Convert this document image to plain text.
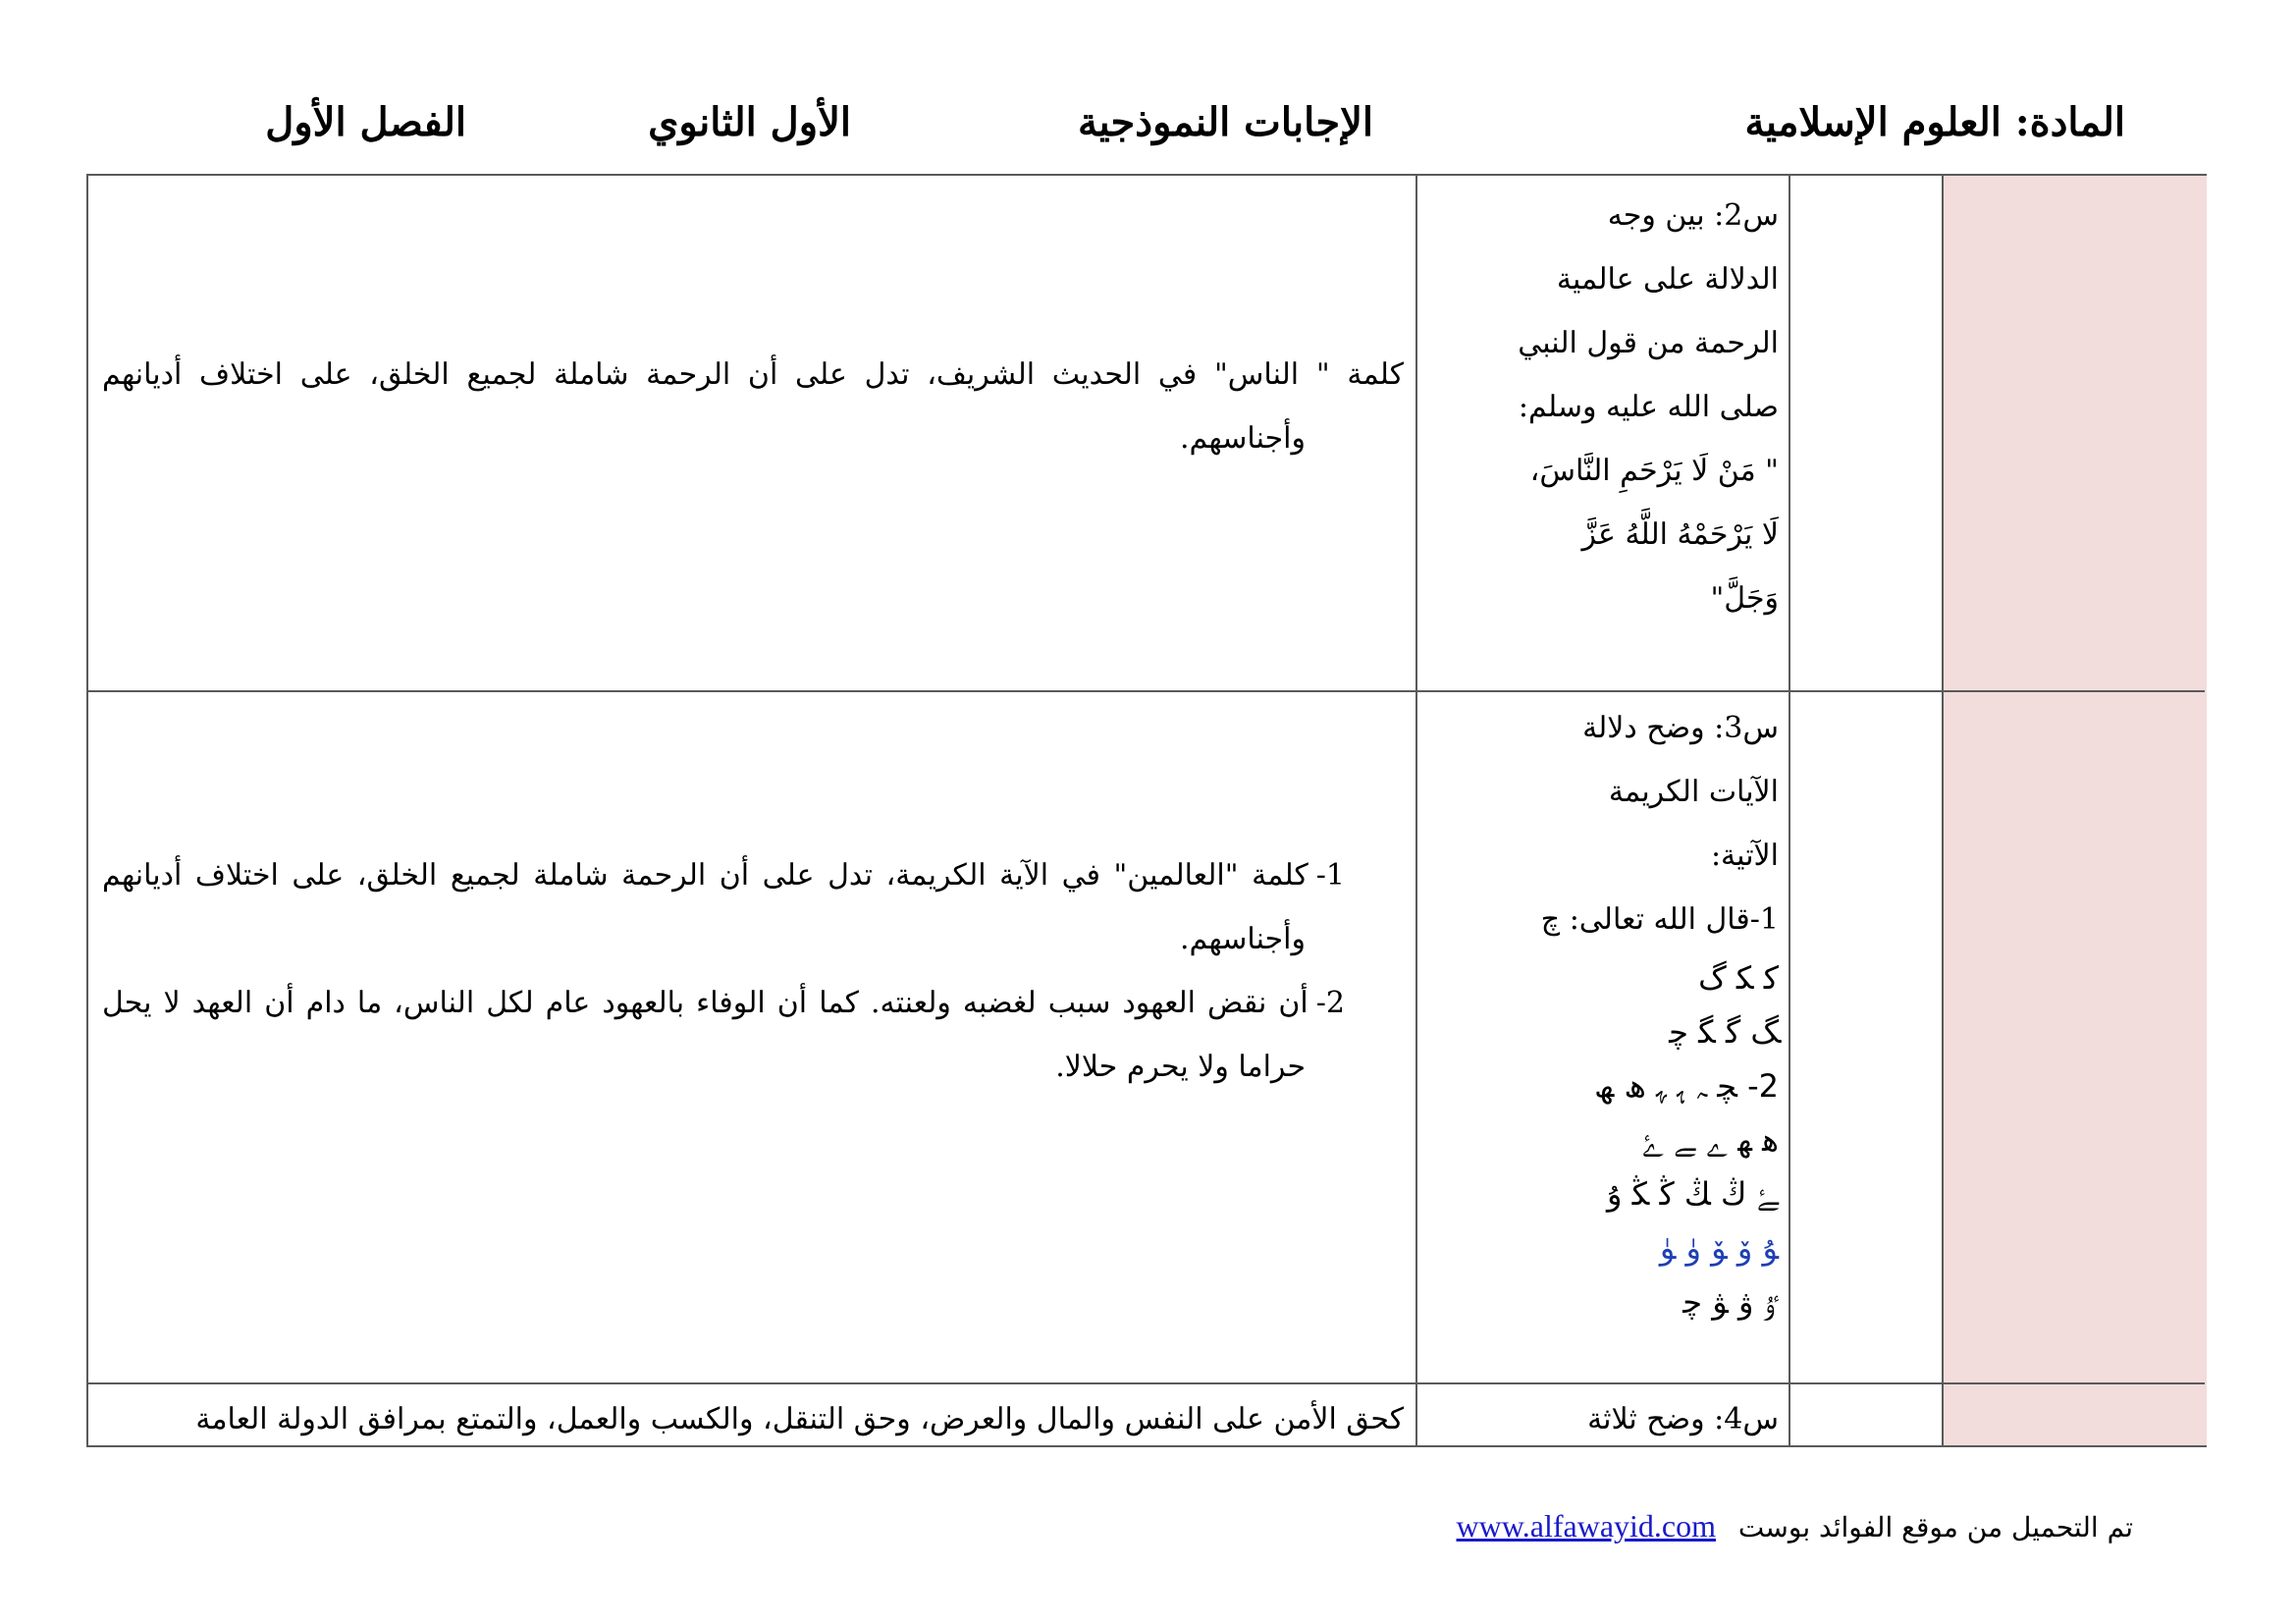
المادة: العلوم الإسلامية
الإجابات النموذجية
الأول الثانوي
الفصل الأول
س2: بين وجه
الدلالة على عالمية
الرحمة من قول النبي
صلى الله عليه وسلم:
" مَنْ لَا يَرْحَمِ النَّاسَ،
لَا يَرْحَمْهُ اللَّهُ عَزَّ
وَجَلَّ"
كلمة " الناس" في الحديث الشريف، تدل على أن الرحمة شاملة لجميع الخلق، على اختلاف أديانهم وأجناسهم.
س3: وضح دلالة
الآيات الكريمة
الآتية:
1-قال الله تعالى: چ
ﮐ ﮑ ﮒ
ﮓ ﮔ ﮕ ﭼ
2- ﭽ ﮧ ﮨ ﮩ ﮪ ﮫ
ﮬ ﮭ ﮮ ﮯ ﮰ
ﮱ ﯓ ﯔ ﯕ ﯖ ﯗ
ﯘ ﯙ ﯚ ﯛ ﯜ
ﯝ ﯞ ﯟ ﭼ
1-كلمة "العالمين" في الآية الكريمة، تدل على أن الرحمة شاملة لجميع الخلق، على اختلاف أديانهم وأجناسهم.
2-أن نقض العهود سبب لغضبه ولعنته. كما أن الوفاء بالعهود عام لكل الناس، ما دام أن العهد لا يحل حراما ولا يحرم حلالا.
س4: وضح ثلاثة
كحق الأمن على النفس والمال والعرض، وحق التنقل، والكسب والعمل، والتمتع بمرافق الدولة العامة
تم التحميل من موقع الفوائد بوست www.alfawayid.com
